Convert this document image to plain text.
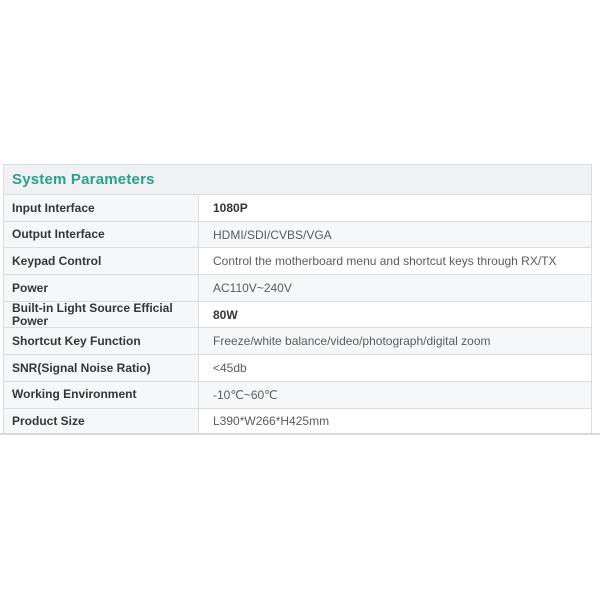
System Parameters
Input Interface	1080P
Output Interface	HDMI/SDI/CVBS/VGA
Keypad Control	Control the motherboard menu and shortcut keys through RX/TX
Power	AC110V~240V
Built-in Light Source Efficial Power	80W
Shortcut Key Function	Freeze/white balance/video/photograph/digital zoom
SNR(Signal Noise Ratio)	<45db
Working Environment	-10℃~60℃
Product Size	L390*W266*H425mm
